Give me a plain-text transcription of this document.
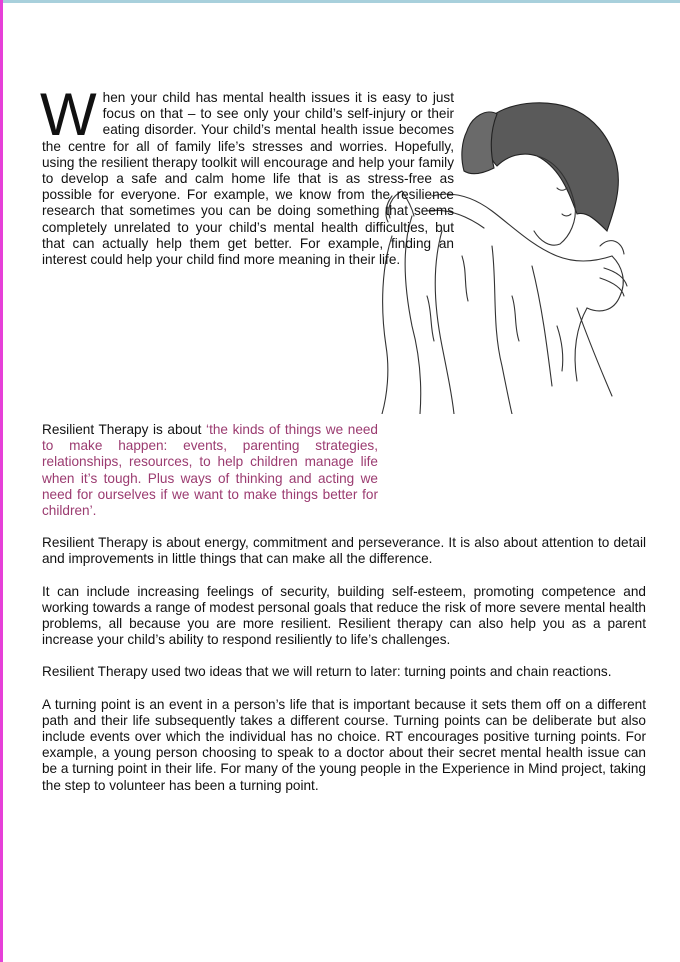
W hen your child has mental health issues it is easy to just focus on that – to see only your child’s self-injury or their eating disorder. Your child’s mental health issue becomes the centre for all of family life’s stresses and worries. Hopefully, using the resilient therapy toolkit will encourage and help your family to develop a safe and calm home life that is as stress-free as possible for everyone. For example, we know from the resilience research that sometimes you can be doing something that seems completely unrelated to your child’s mental health difficulties, but that can actually help them get better. For example, finding an interest could help your child find more meaning in their life.

Resilient Therapy is about ‘the kinds of things we need to make happen: events, parenting strategies, relationships, resources, to help children manage life when it’s tough. Plus ways of thinking and acting we need for ourselves if we want to make things better for children’.

Resilient Therapy is about energy, commitment and perseverance. It is also about attention to detail and improvements in little things that can make all the difference.

It can include increasing feelings of security, building self-esteem, promoting competence and working towards a range of modest personal goals that reduce the risk of more severe mental health problems, all because you are more resilient. Resilient therapy can also help you as a parent increase your child’s ability to respond resiliently to life’s challenges.

Resilient Therapy used two ideas that we will return to later: turning points and chain reactions.

A turning point is an event in a person’s life that is important because it sets them off on a different path and their life subsequently takes a different course. Turning points can be deliberate but also include events over which the individual has no choice. RT encourages positive turning points. For example, a young person choosing to speak to a doctor about their secret mental health issue can be a turning point in their life. For many of the young people in the Experience in Mind project, taking the step to volunteer has been a turning point.
